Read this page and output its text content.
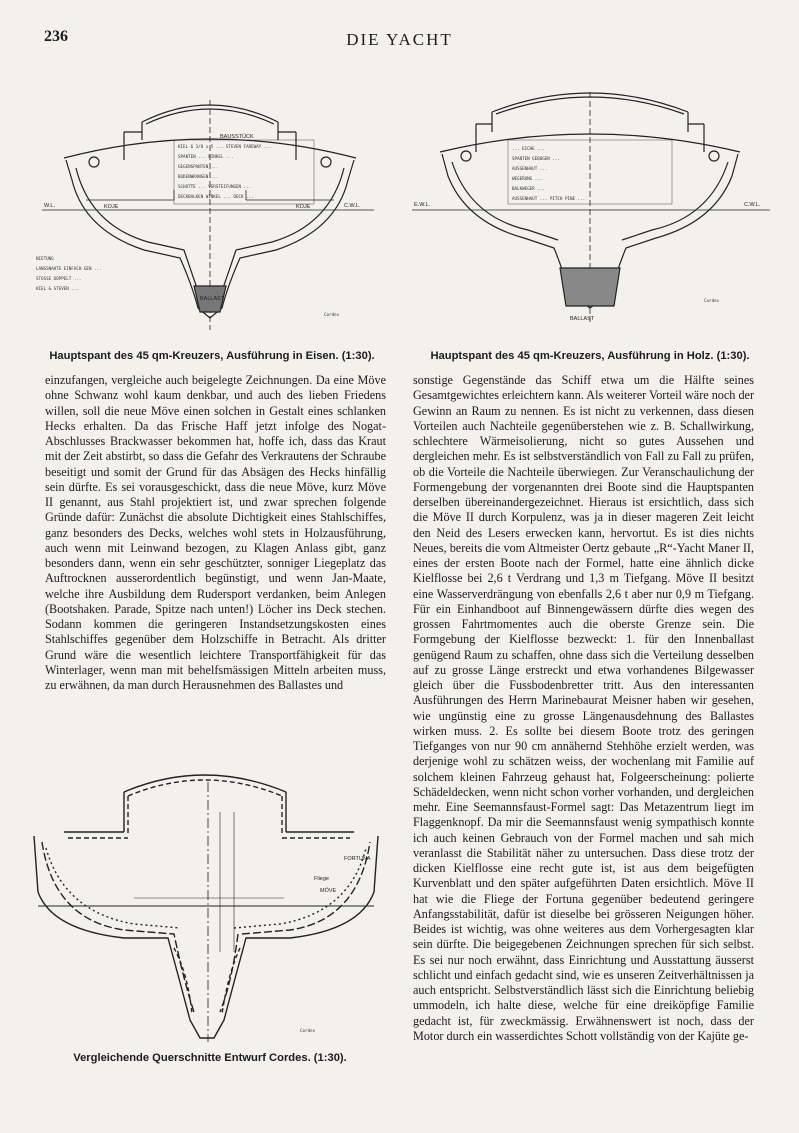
236	DIE YACHT
BAUSSTÜCK
KOJE	KOJE
W.L.	C.W.L.
BALLAST
KIEL 6 3/8 x 5 ... STEVEN FAREWAY ...
SPANTEN ... WINKEL ...
GEGENSPANTEN ...
BODENWRANGEN ...
SCHOTTE ... VERSTEIFUNGEN ...
DECKBALKEN WINKEL ... DECK ...
NIETUNG
LANGSNAHTE EINFACH GEN ...
STOSSE DOPPELT ...
KIEL & STEVEN ...
Cordes
Hauptspant des 45 qm-Kreuzers, Ausführung in Eisen. (1:30).
E.W.L.	C.W.L.
BALLAST
... EICHE ...
SPANTEN GEBOGEN ...
AUSSENHAUT ...
WEGERUNG ...
BALKWEGER ...
AUSSENHAUT ... PITCH PINE ...
Cordes
Hauptspant des 45 qm-Kreuzers, Ausführung in Holz. (1:30).

einzufangen, vergleiche auch beigelegte Zeichnungen. Da eine Möve ohne Schwanz wohl kaum denkbar, und auch des lieben Friedens willen, soll die neue Möve einen solchen in Gestalt eines schlanken Hecks erhalten. Da das Frische Haff jetzt infolge des Nogat-Abschlusses Brackwasser bekommen hat, hoffe ich, dass das Kraut mit der Zeit abstirbt, so dass die Gefahr des Verkrautens der Schraube beseitigt und somit der Grund für das Absägen des Hecks hinfällig sein dürfte. Es sei vorausgeschickt, dass die neue Möve, kurz Möve II genannt, aus Stahl projektiert ist, und zwar sprechen folgende Gründe dafür: Zunächst die absolute Dichtigkeit eines Stahlschiffes, ganz besonders des Decks, welches wohl stets in Holzausführung, auch wenn mit Leinwand bezogen, zu Klagen Anlass gibt, ganz besonders dann, wenn ein sehr geschützter, sonniger Liegeplatz das Auftrocknen ausserordentlich begünstigt, und wenn Jan-Maate, welche ihre Ausbildung dem Rudersport verdanken, beim Anlegen (Bootshaken. Parade, Spitze nach unten!) Löcher ins Deck stechen. Sodann kommen die geringeren Instandsetzungskosten eines Stahlschiffes gegenüber dem Holzschiffe in Betracht. Als dritter Grund wäre die wesentlich leichtere Transportfähigkeit für das Winterlager, wenn man mit behelfsmässigen Mitteln arbeiten muss, zu erwähnen, da man durch Herausnehmen des Ballastes und

Fliege
FORTUNA
MÖVE
Cordes
Vergleichende Querschnitte Entwurf Cordes. (1:30).

sonstige Gegenstände das Schiff etwa um die Hälfte seines Gesamtgewichtes erleichtern kann. Als weiterer Vorteil wäre noch der Gewinn an Raum zu nennen. Es ist nicht zu verkennen, dass diesen Vorteilen auch Nachteile gegenüberstehen wie z. B. Schallwirkung, schlechtere Wärmeisolierung, nicht so gutes Aussehen und dergleichen mehr. Es ist selbstverständlich von Fall zu Fall zu prüfen, ob die Vorteile die Nachteile überwiegen. Zur Veranschaulichung der Formengebung der vorgenannten drei Boote sind die Hauptspanten derselben übereinandergezeichnet. Hieraus ist ersichtlich, dass sich die Möve II durch Korpulenz, was ja in dieser mageren Zeit leicht den Neid des Lesers erwecken kann, hervortut. Es ist dies nichts Neues, bereits die vom Altmeister Oertz gebaute „R“-Yacht Maner II, eines der ersten Boote nach der Formel, hatte eine ähnlich dicke Kielflosse bei 2,6 t Verdrang und 1,3 m Tiefgang. Möve II besitzt eine Wasserverdrängung von ebenfalls 2,6 t aber nur 0,9 m Tiefgang. Für ein Einhandboot auf Binnengewässern dürfte dies wegen des grossen Fahrtmomentes auch die oberste Grenze sein. Die Formgebung der Kielflosse bezweckt: 1. für den Innenballast genügend Raum zu schaffen, ohne dass sich die Verteilung desselben auf zu grosse Länge erstreckt und etwa vorhandenes Bilgewasser gleich über die Fussbodenbretter tritt. Aus den interessanten Ausführungen des Herrn Marinebaurat Meisner haben wir gesehen, wie ungünstig eine zu grosse Längenausdehnung des Ballastes wirken muss. 2. Es sollte bei diesem Boote trotz des geringen Tiefganges von nur 90 cm annähernd Stehhöhe erzielt werden, was derjenige wohl zu schätzen weiss, der wochenlang mit Familie auf solchem kleinen Fahrzeug gehaust hat, Folgeerscheinung: polierte Schädeldecken, wenn nicht schon vorher vorhanden, und dergleichen mehr. Eine Seemannsfaust-Formel sagt: Das Metazentrum liegt im Flaggenknopf. Da mir die Seemannsfaust wenig sympathisch konnte ich auch keinen Gebrauch von der Formel machen und sah mich veranlasst die Stabilität näher zu untersuchen. Dass diese trotz der dicken Kielflosse eine recht gute ist, ist aus dem beigefügten Kurvenblatt und den später aufgeführten Daten ersichtlich. Möve II hat wie die Fliege der Fortuna gegenüber bedeutend geringere Anfangsstabilität, dafür ist dieselbe bei grösseren Neigungen höher. Beides ist wichtig, was ohne weiteres aus dem Vorhergesagten klar sein dürfte. Die beigegebenen Zeichnungen sprechen für sich selbst. Es sei nur noch erwähnt, dass Einrichtung und Ausstattung äusserst schlicht und einfach gedacht sind, wie es unseren Zeitverhältnissen ja auch entspricht. Selbstverständlich lässt sich die Einrichtung beliebig ummodeln, ich halte diese, welche für eine dreiköpfige Familie gedacht ist, für zweckmässig. Erwähnenswert ist noch, dass der Motor durch ein wasserdichtes Schott vollständig von der Kajüte ge-
